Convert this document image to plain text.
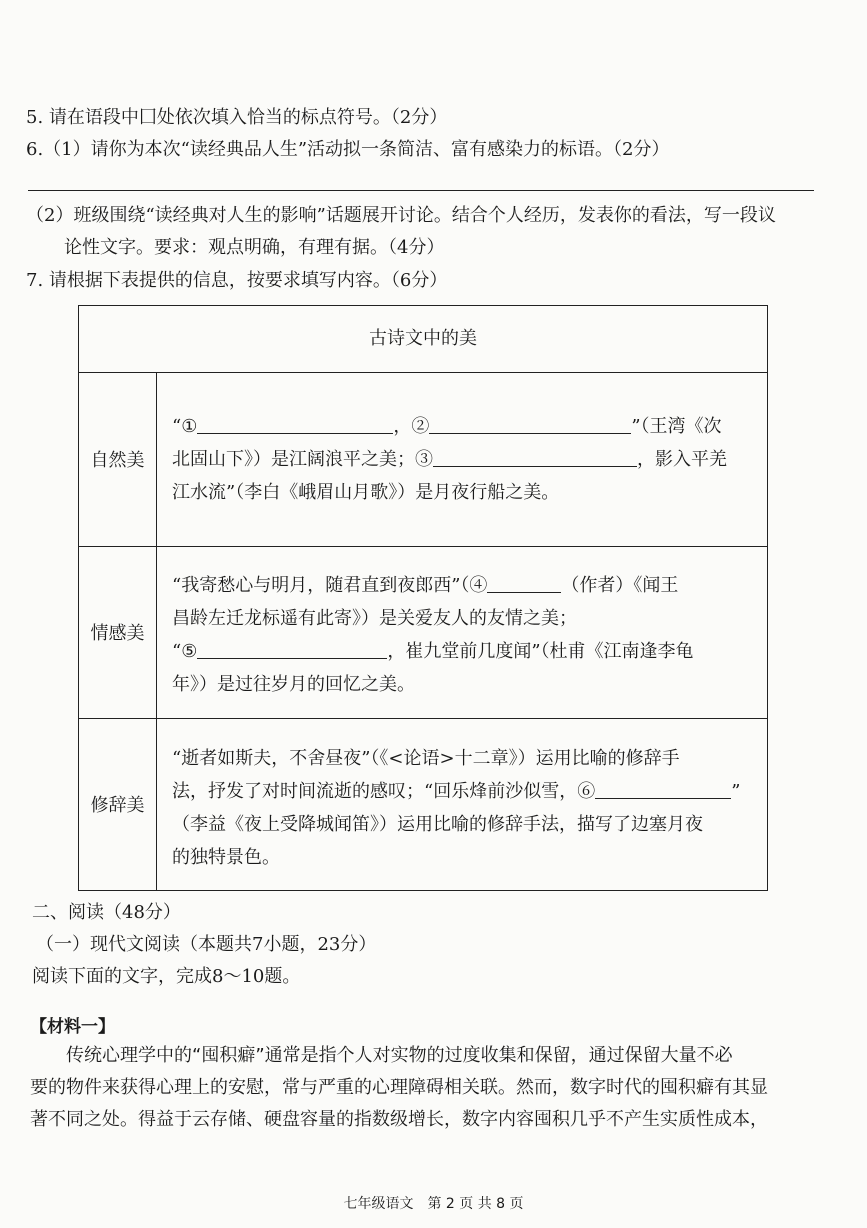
5. 请在语段中囗处依次填入恰当的标点符号。（2分）
6.（1）请你为本次“读经典品人生”活动拟一条简洁、富有感染力的标语。（2分）
（2）班级围绕“读经典对人生的影响”话题展开讨论。结合个人经历，发表你的看法，写一段议
论性文字。要求：观点明确，有理有据。（4分）
7. 请根据下表提供的信息，按要求填写内容。（6分）
古诗文中的美
自然美

“①	，②	”（王湾《次

北固山下》）是江阔浪平之美；③	，影入平羌

江水流”（李白《峨眉山月歌》）是月夜行船之美。

情感美

“我寄愁心与明月，随君直到夜郎西”（④	（作者）《闻王

昌龄左迁龙标遥有此寄》）是关爱友人的友情之美；

“⑤	，崔九堂前几度闻”（杜甫《江南逢李龟

年》）是过往岁月的回忆之美。

修辞美

“逝者如斯夫，不舍昼夜”（《<论语>十二章》）运用比喻的修辞手

法，抒发了对时间流逝的感叹；“回乐烽前沙似雪，⑥	”

（李益《夜上受降城闻笛》）运用比喻的修辞手法，描写了边塞月夜

的独特景色。

二、阅读（48分）
（一）现代文阅读（本题共7小题，23分）
阅读下面的文字，完成8～10题。
【材料一】

传统心理学中的“囤积癖”通常是指个人对实物的过度收集和保留，通过保留大量不必

要的物件来获得心理上的安慰，常与严重的心理障碍相关联。然而，数字时代的囤积癖有其显

著不同之处。得益于云存储、硬盘容量的指数级增长，数字内容囤积几乎不产生实质性成本，

七年级语文　第 2 页 共 8 页
